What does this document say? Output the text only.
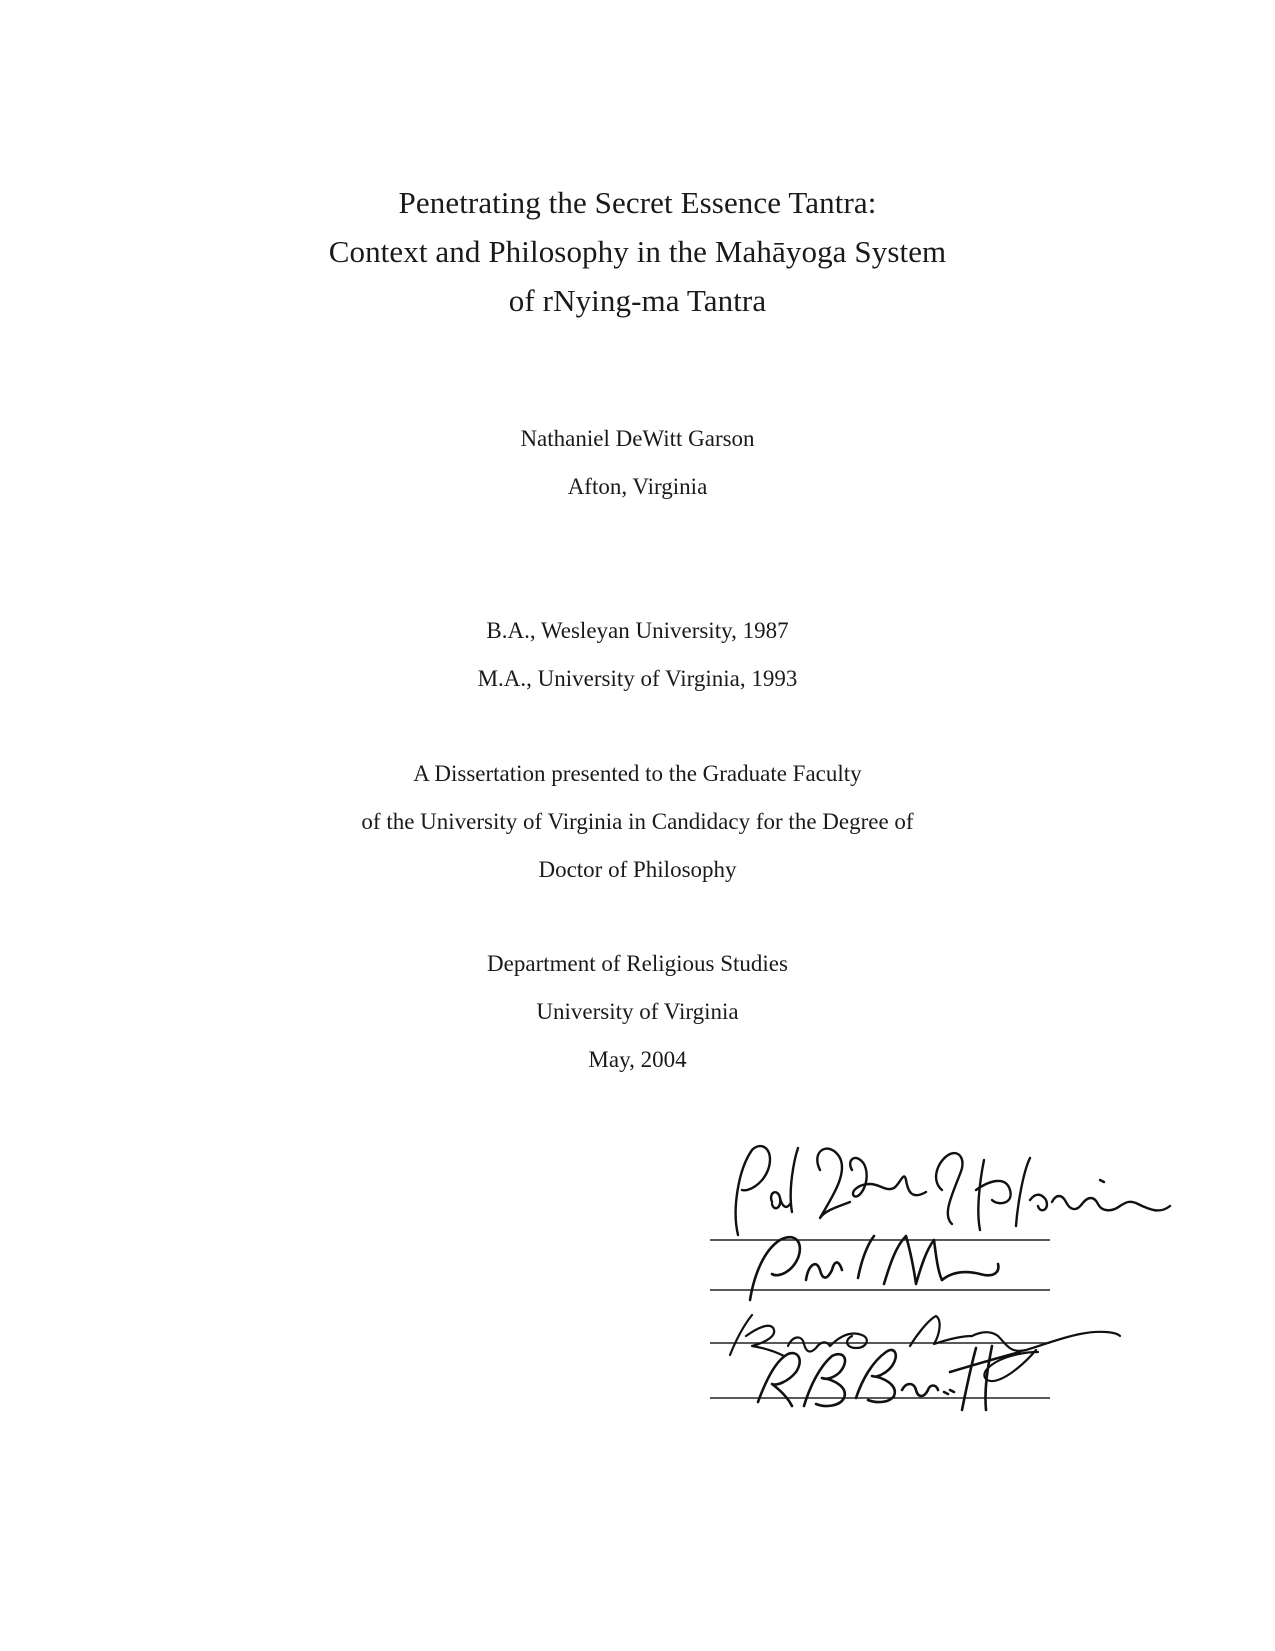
Penetrating the Secret Essence Tantra:
Context and Philosophy in the Mahāyoga System
of rNying-ma Tantra
Nathaniel DeWitt Garson
Afton, Virginia
B.A., Wesleyan University, 1987
M.A., University of Virginia, 1993
A Dissertation presented to the Graduate Faculty
of the University of Virginia in Candidacy for the Degree of
Doctor of Philosophy
Department of Religious Studies
University of Virginia
May, 2004
